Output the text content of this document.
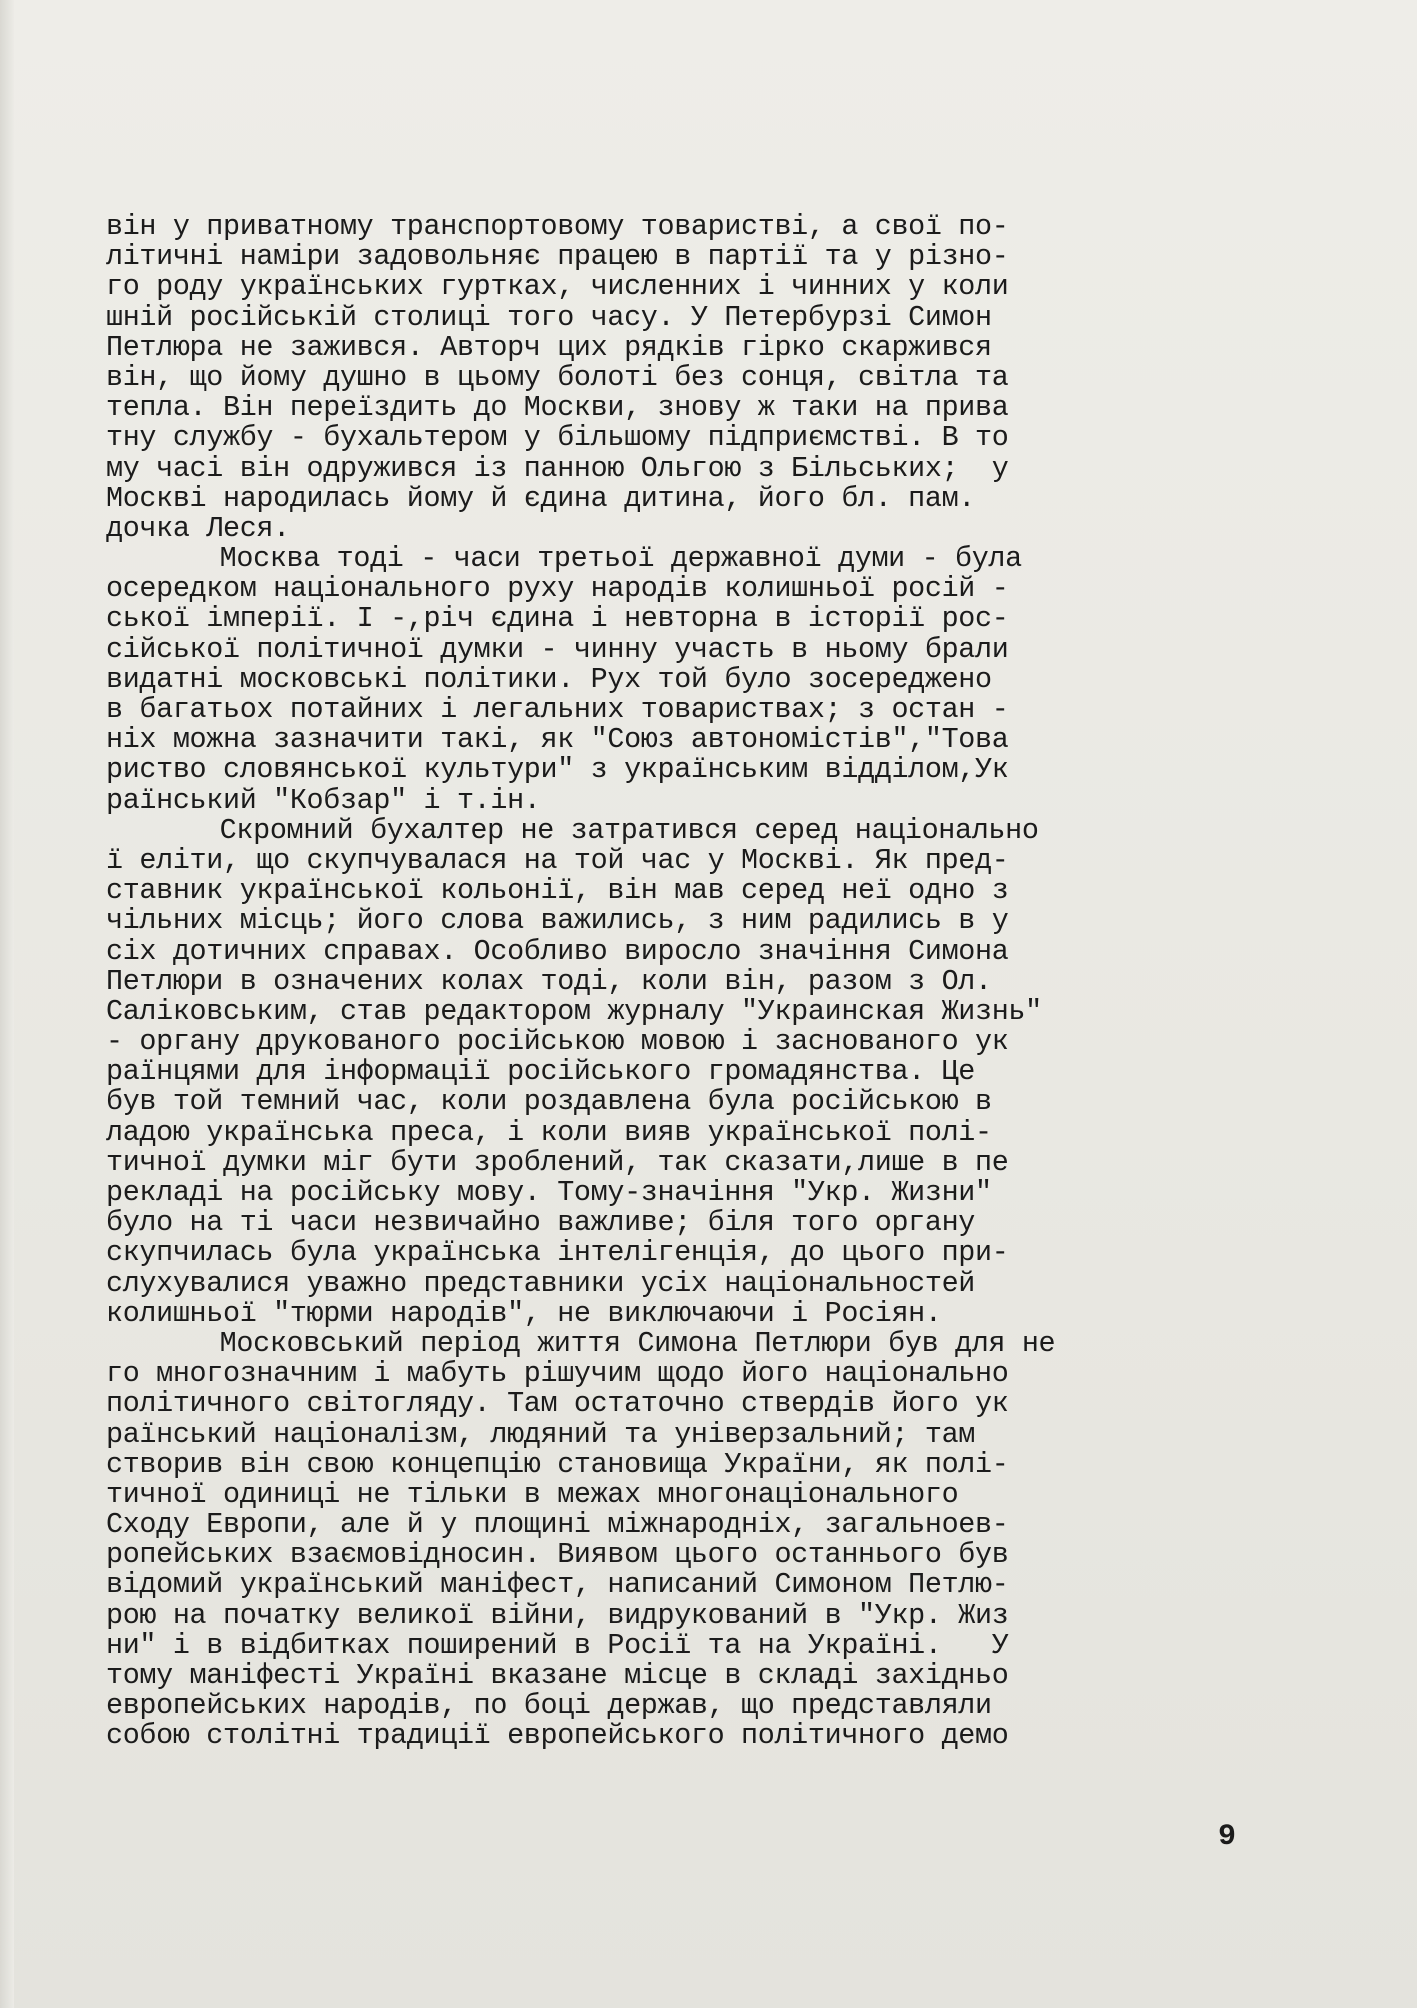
він у приватному транспортовому товаристві, а свої по-
літичні наміри задовольняє працею в партії та у різно-
го роду українських гуртках, численних і чинних у коли
шній російській столиці того часу. У Петербурзі Симон
Петлюра не зажився. Авторч цих рядків гірко скаржився
він, що йому душно в цьому болоті без сонця, світла та
тепла. Він переїздить до Москви, знову ж таки на прива
тну службу - бухальтером у більшому підприємстві. В то
му часі він одружився із панною Ольгою з Більських;  у
Москві народилась йому й єдина дитина, його бл. пам.
дочка Леся.
Москва тоді - часи третьої державної думи - була
осередком національного руху народів колишньої росій -
ської імперії. І -,річ єдина і невторна в історії рос-
сійської політичної думки - чинну участь в ньому брали
видатні московські політики. Рух той було зосереджено
в багатьох потайних і легальних товариствах; з остан -
ніх можна зазначити такі, як "Союз автономістів","Това
риство словянської культури" з українським відділом,Ук
раїнський "Кобзар" і т.ін.
Скромний бухалтер не затратився серед національно
ї еліти, що скупчувалася на той час у Москві. Як пред-
ставник української кольонії, він мав серед неї одно з
чільних місць; його слова важились, з ним радились в у
сіх дотичних справах. Особливо виросло значіння Симона
Петлюри в означених колах тоді, коли він, разом з Ол.
Саліковським, став редактором журналу "Украинская Жизнь"
- органу друкованого російською мовою і заснованого ук
раїнцями для інформації російського громадянства. Це
був той темний час, коли роздавлена була російською в
ладою українська преса, і коли вияв української полі-
тичної думки міг бути зроблений, так сказати,лише в пе
рекладі на російську мову. Тому-значіння "Укр. Жизни"
було на ті часи незвичайно важливе; біля того органу
скупчилась була українська інтелігенція, до цього при-
слухувалися уважно представники усіх національностей
колишньої "тюрми народів", не виключаючи і Росіян.
Московський період життя Симона Петлюри був для не
го многозначним і мабуть рішучим щодо його національно
політичного світогляду. Там остаточно ствердів його ук
раїнський націоналізм, людяний та універзальний; там
створив він свою концепцію становища України, як полі-
тичної одиниці не тільки в межах многонаціонального
Сходу Европи, але й у площині міжнародніх, загальноев-
ропейських взаємовідносин. Виявом цього останнього був
відомий український маніфест, написаний Симоном Петлю-
рою на початку великої війни, видрукований в "Укр. Жиз
ни" і в відбитках поширений в Росії та на Україні.   У
тому маніфесті Україні вказане місце в складі західньо
европейських народів, по боці держав, що представляли
собою столітні традиції европейського політичного демо
9
